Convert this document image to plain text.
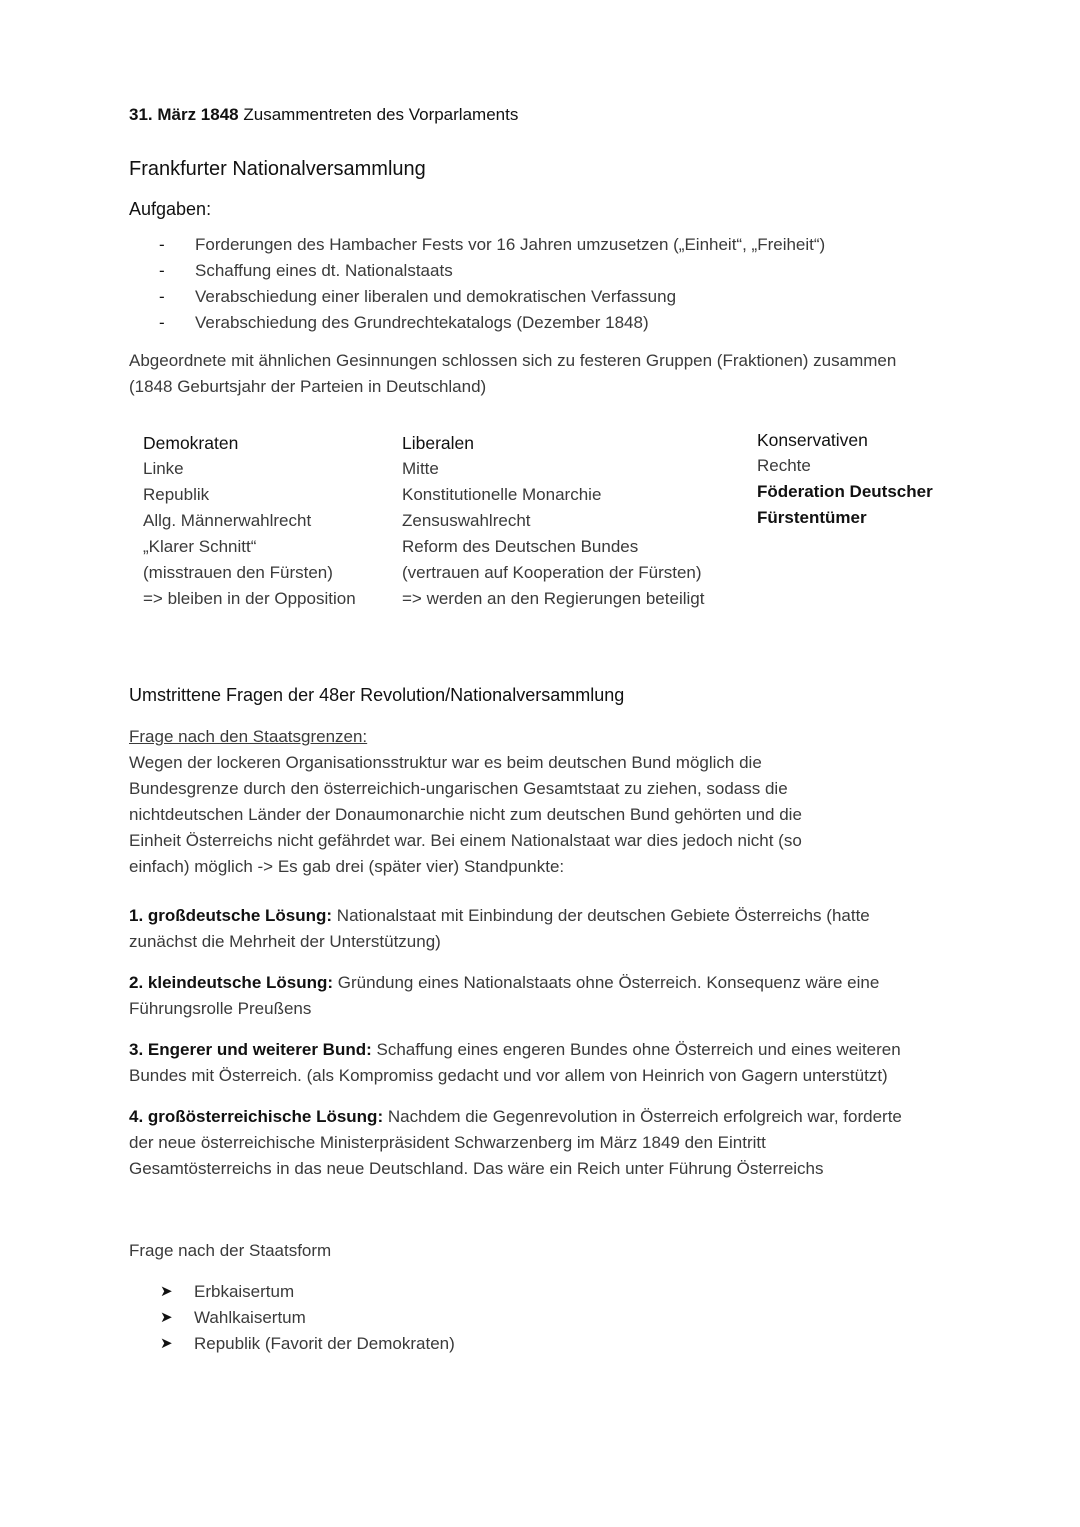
31. März 1848 Zusammentreten des Vorparlaments
Frankfurter Nationalversammlung
Aufgaben:
- Forderungen des Hambacher Fests vor 16 Jahren umzusetzen („Einheit“, „Freiheit“)
- Schaffung eines dt. Nationalstaats
- Verabschiedung einer liberalen und demokratischen Verfassung
- Verabschiedung des Grundrechtekatalogs (Dezember 1848)
Abgeordnete mit ähnlichen Gesinnungen schlossen sich zu festeren Gruppen (Fraktionen) zusammen
(1848 Geburtsjahr der Parteien in Deutschland)
Demokraten
Linke
Republik
Allg. Männerwahlrecht
„Klarer Schnitt“
(misstrauen den Fürsten)
=> bleiben in der Opposition
Liberalen
Mitte
Konstitutionelle Monarchie
Zensuswahlrecht
Reform des Deutschen Bundes
(vertrauen auf Kooperation der Fürsten)
=> werden an den Regierungen beteiligt
Konservativen
Rechte
Föderation Deutscher
Fürstentümer
Umstrittene Fragen der 48er Revolution/Nationalversammlung
Frage nach den Staatsgrenzen:
Wegen der lockeren Organisationsstruktur war es beim deutschen Bund möglich die
Bundesgrenze durch den österreichich-ungarischen Gesamtstaat zu ziehen, sodass die
nichtdeutschen Länder der Donaumonarchie nicht zum deutschen Bund gehörten und die
Einheit Österreichs nicht gefährdet war. Bei einem Nationalstaat war dies jedoch nicht (so
einfach) möglich -> Es gab drei (später vier) Standpunkte:
1. großdeutsche Lösung: Nationalstaat mit Einbindung der deutschen Gebiete Österreichs (hatte
zunächst die Mehrheit der Unterstützung)
2. kleindeutsche Lösung: Gründung eines Nationalstaats ohne Österreich. Konsequenz wäre eine
Führungsrolle Preußens
3. Engerer und weiterer Bund: Schaffung eines engeren Bundes ohne Österreich und eines weiteren
Bundes mit Österreich. (als Kompromiss gedacht und vor allem von Heinrich von Gagern unterstützt)
4. großösterreichische Lösung: Nachdem die Gegenrevolution in Österreich erfolgreich war, forderte
der neue österreichische Ministerpräsident Schwarzenberg im März 1849 den Eintritt
Gesamtösterreichs in das neue Deutschland. Das wäre ein Reich unter Führung Österreichs
Frage nach der Staatsform
➤ Erbkaisertum
➤ Wahlkaisertum
➤ Republik (Favorit der Demokraten)
